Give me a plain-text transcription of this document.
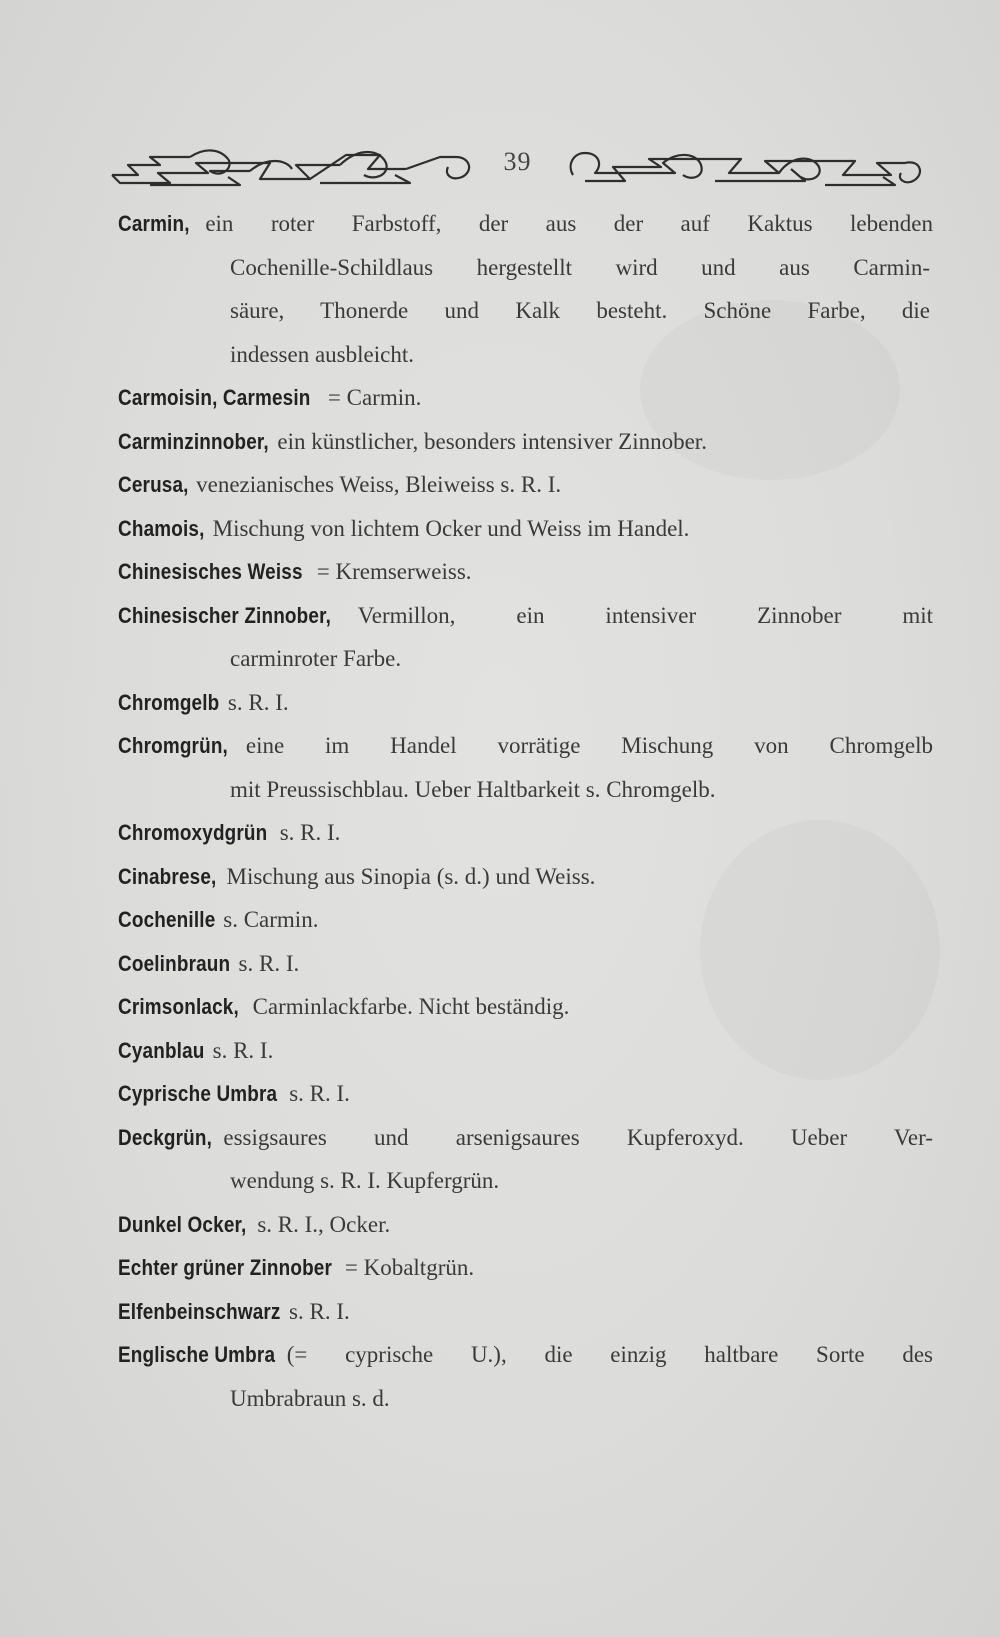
39
Carmin, ein roter Farbstoff, der aus der auf Kaktus lebenden
Cochenille-Schildlaus hergestellt wird und aus Carmin-
säure, Thonerde und Kalk besteht. Schöne Farbe, die
indessen ausbleicht.
Carmoisin, Carmesin = Carmin.
Carminzinnober, ein künstlicher, besonders intensiver Zinnober.
Cerusa, venezianisches Weiss, Bleiweiss s. R. I.
Chamois, Mischung von lichtem Ocker und Weiss im Handel.
Chinesisches Weiss = Kremserweiss.
Chinesischer Zinnober, Vermillon, ein intensiver Zinnober mit
carminroter Farbe.
Chromgelb s. R. I.
Chromgrün, eine im Handel vorrätige Mischung von Chromgelb
mit Preussischblau. Ueber Haltbarkeit s. Chromgelb.
Chromoxydgrün s. R. I.
Cinabrese, Mischung aus Sinopia (s. d.) und Weiss.
Cochenille s. Carmin.
Coelinbraun s. R. I.
Crimsonlack, Carminlackfarbe. Nicht beständig.
Cyanblau s. R. I.
Cyprische Umbra s. R. I.
Deckgrün, essigsaures und arsenigsaures Kupferoxyd. Ueber Ver-
wendung s. R. I. Kupfergrün.
Dunkel Ocker, s. R. I., Ocker.
Echter grüner Zinnober = Kobaltgrün.
Elfenbeinschwarz s. R. I.
Englische Umbra (= cyprische U.), die einzig haltbare Sorte des
Umbrabraun s. d.
